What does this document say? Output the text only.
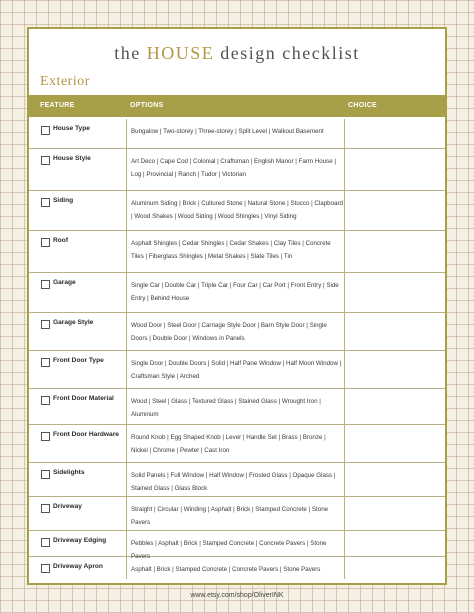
the HOUSE design checklist
Exterior
FEATURE	OPTIONS	CHOICE
House Type	Bungalow | Two-storey | Three-storey | Split Level | Walkout Basement
House Style	Art Deco | Cape Cod | Colonial | Craftsman | English Manor | Farm House | Log | Provincial | Ranch | Tudor | Victorian
Siding	Aluminum Siding | Brick | Cultured Stone | Natural Stone | Stucco | Clapboard | Wood Shakes | Wood Siding | Wood Shingles | Vinyl Siding
Roof	Asphalt Shingles | Cedar Shingles | Cedar Shakes | Clay Tiles | Concrete Tiles | Fiberglass Shingles | Metal Shakes | Slate Tiles | Tin
Garage	Single Car | Double Car | Triple Car | Four Car | Car Port | Front Entry | Side Entry | Behind House
Garage Style	Wood Door | Steel Door | Carriage Style Door | Barn Style Door | Single Doors | Double Door | Windows in Panels
Front Door Type	Single Door | Double Doors | Solid | Half Pane Window | Half Moon Window | Craftsman Style | Arched
Front Door Material	Wood | Steel | Glass | Textured Glass | Stained Glass | Wrought Iron | Aluminum
Front Door Hardware	Round Knob | Egg Shaped Knob | Lever | Handle Set | Brass | Bronze | Nickel | Chrome | Pewter | Cast Iron
Sidelights	Solid Panels | Full Window | Half Window | Frosted Glass | Opaque Glass | Stained Glass | Glass Block
Driveway	Straight | Circular | Winding | Asphalt | Brick | Stamped Concrete | Stone Pavers
Driveway Edging	Pebbles | Asphalt | Brick | Stamped Concrete | Concrete Pavers | Stone Pavers
Driveway Apron	Asphalt | Brick | Stamped Concrete | Concrete Pavers | Stone Pavers
www.etsy.com/shop/OliverINK
